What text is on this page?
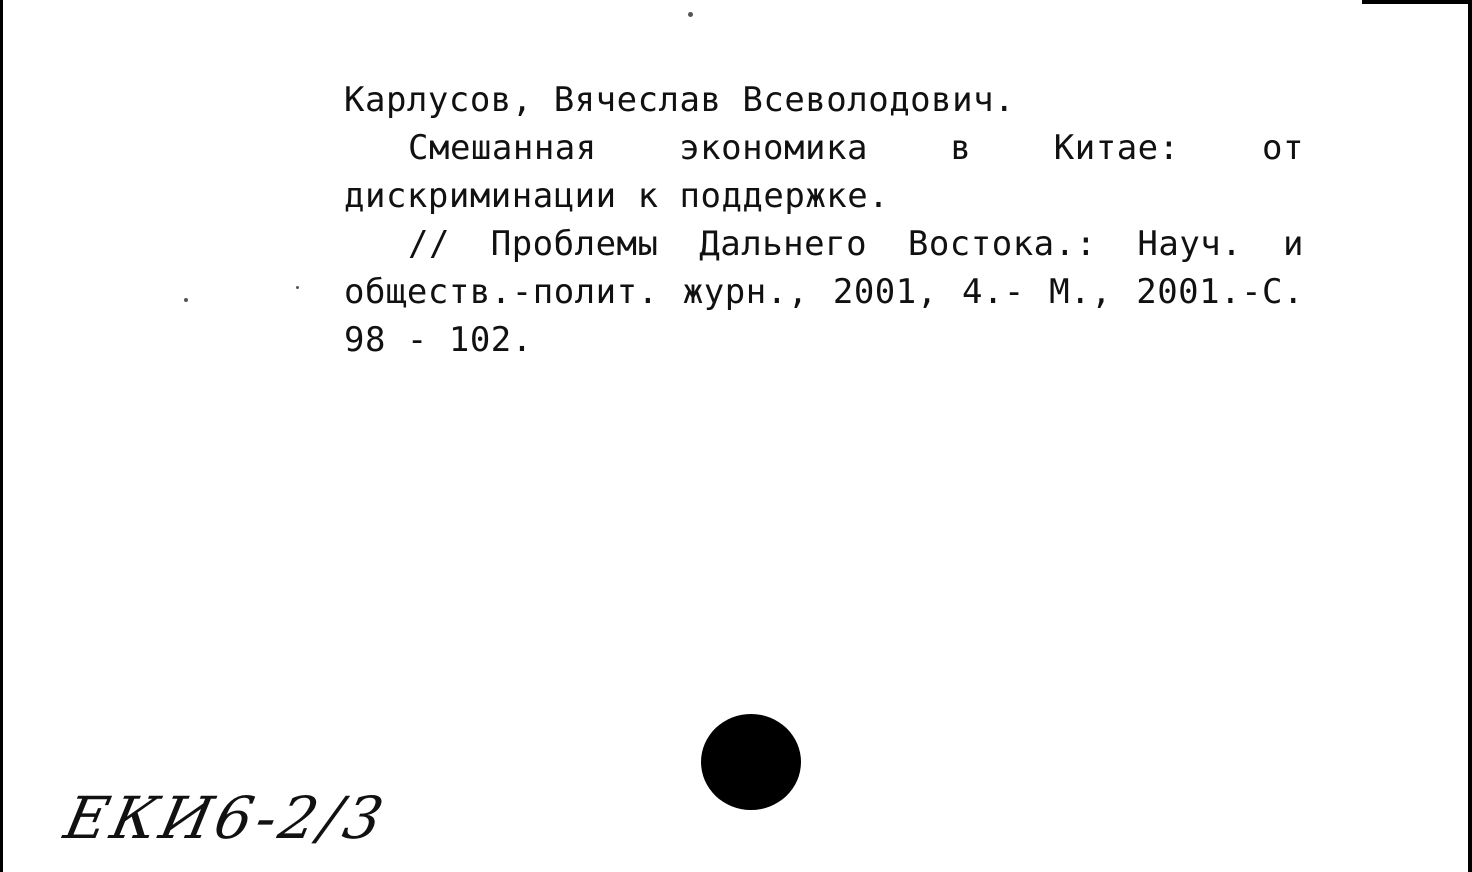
Карлусов, Вячеслав Всеволодович.
Смешанная экономика в Китае: от
дискриминации к поддержке.
// Проблемы Дальнего Востока.: Науч. и
обществ.-полит. журн., 2001, 4.- М., 2001.-С.
98 - 102.
ЕКИ6-2/3
